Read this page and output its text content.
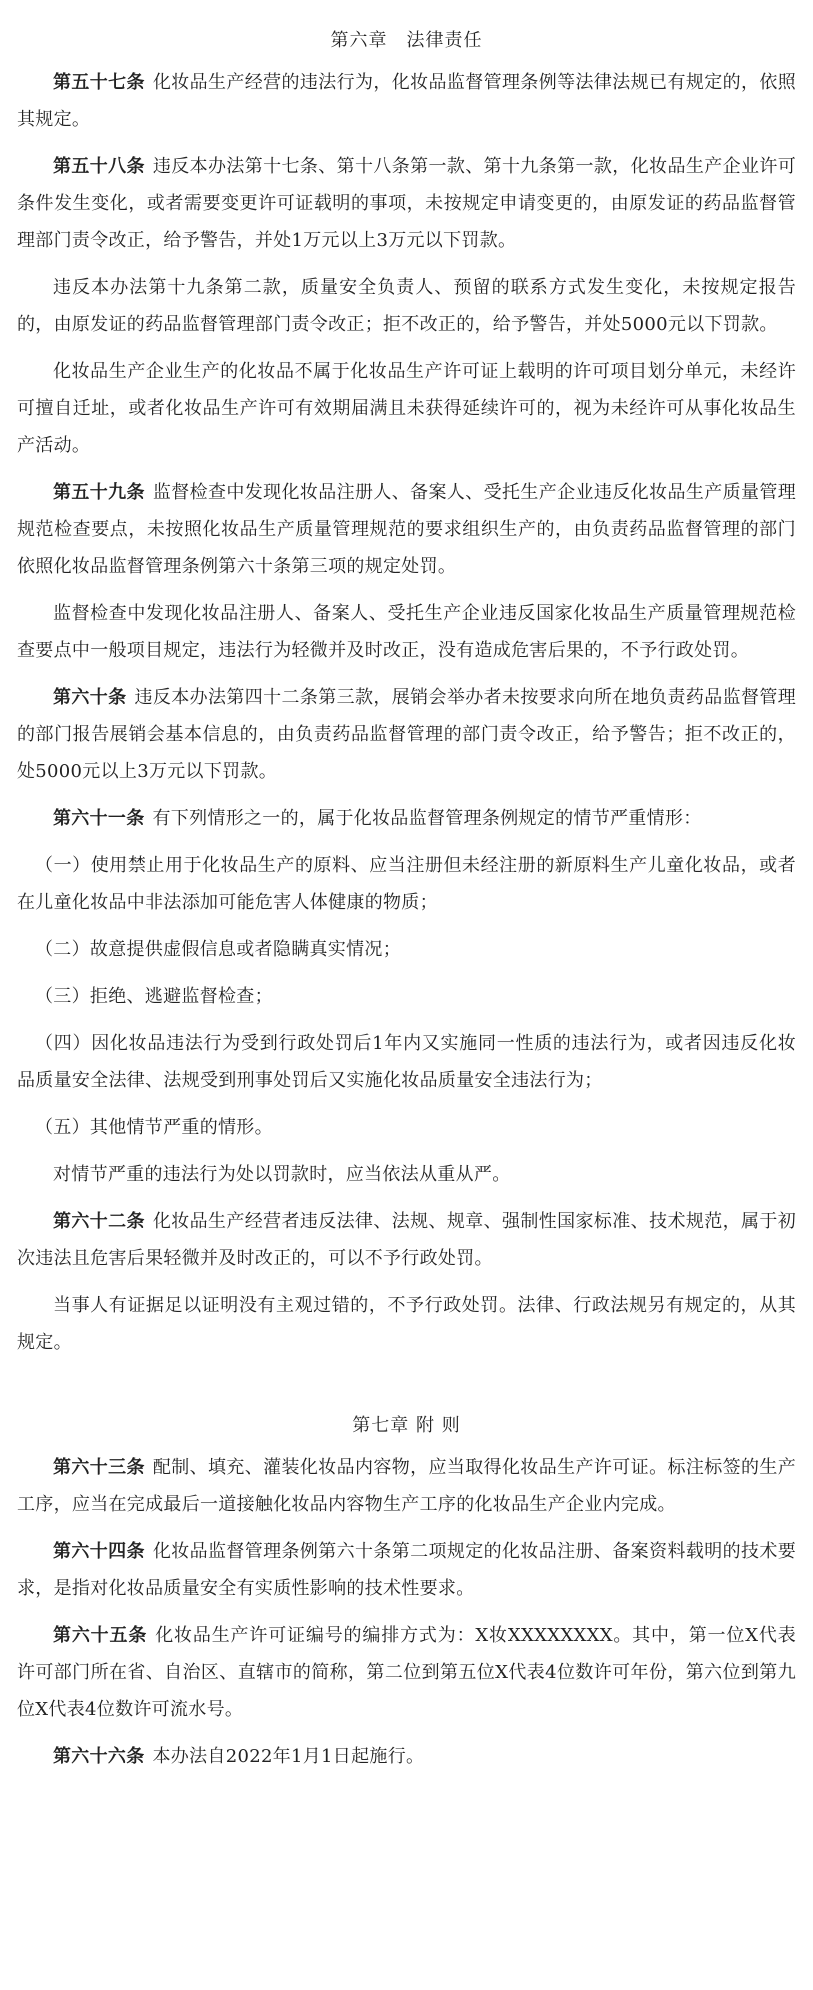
第六章　法律责任

第五十七条 化妆品生产经营的违法行为，化妆品监督管理条例等法律法规已有规定的，依照其规定。

第五十八条 违反本办法第十七条、第十八条第一款、第十九条第一款，化妆品生产企业许可条件发生变化，或者需要变更许可证载明的事项，未按规定申请变更的，由原发证的药品监督管理部门责令改正，给予警告，并处1万元以上3万元以下罚款。

违反本办法第十九条第二款，质量安全负责人、预留的联系方式发生变化，未按规定报告的，由原发证的药品监督管理部门责令改正；拒不改正的，给予警告，并处5000元以下罚款。

化妆品生产企业生产的化妆品不属于化妆品生产许可证上载明的许可项目划分单元，未经许可擅自迁址，或者化妆品生产许可有效期届满且未获得延续许可的，视为未经许可从事化妆品生产活动。

第五十九条 监督检查中发现化妆品注册人、备案人、受托生产企业违反化妆品生产质量管理规范检查要点，未按照化妆品生产质量管理规范的要求组织生产的，由负责药品监督管理的部门依照化妆品监督管理条例第六十条第三项的规定处罚。

监督检查中发现化妆品注册人、备案人、受托生产企业违反国家化妆品生产质量管理规范检查要点中一般项目规定，违法行为轻微并及时改正，没有造成危害后果的，不予行政处罚。

第六十条 违反本办法第四十二条第三款，展销会举办者未按要求向所在地负责药品监督管理的部门报告展销会基本信息的，由负责药品监督管理的部门责令改正，给予警告；拒不改正的，处5000元以上3万元以下罚款。

第六十一条 有下列情形之一的，属于化妆品监督管理条例规定的情节严重情形：

（一）使用禁止用于化妆品生产的原料、应当注册但未经注册的新原料生产儿童化妆品，或者在儿童化妆品中非法添加可能危害人体健康的物质；

（二）故意提供虚假信息或者隐瞒真实情况；

（三）拒绝、逃避监督检查；

（四）因化妆品违法行为受到行政处罚后1年内又实施同一性质的违法行为，或者因违反化妆品质量安全法律、法规受到刑事处罚后又实施化妆品质量安全违法行为；

（五）其他情节严重的情形。

对情节严重的违法行为处以罚款时，应当依法从重从严。

第六十二条 化妆品生产经营者违反法律、法规、规章、强制性国家标准、技术规范，属于初次违法且危害后果轻微并及时改正的，可以不予行政处罚。

当事人有证据足以证明没有主观过错的，不予行政处罚。法律、行政法规另有规定的，从其规定。

第七章 附 则

第六十三条 配制、填充、灌装化妆品内容物，应当取得化妆品生产许可证。标注标签的生产工序，应当在完成最后一道接触化妆品内容物生产工序的化妆品生产企业内完成。

第六十四条 化妆品监督管理条例第六十条第二项规定的化妆品注册、备案资料载明的技术要求，是指对化妆品质量安全有实质性影响的技术性要求。

第六十五条 化妆品生产许可证编号的编排方式为：X妆XXXXXXXX。其中，第一位X代表许可部门所在省、自治区、直辖市的简称，第二位到第五位X代表4位数许可年份，第六位到第九位X代表4位数许可流水号。

第六十六条 本办法自2022年1月1日起施行。
